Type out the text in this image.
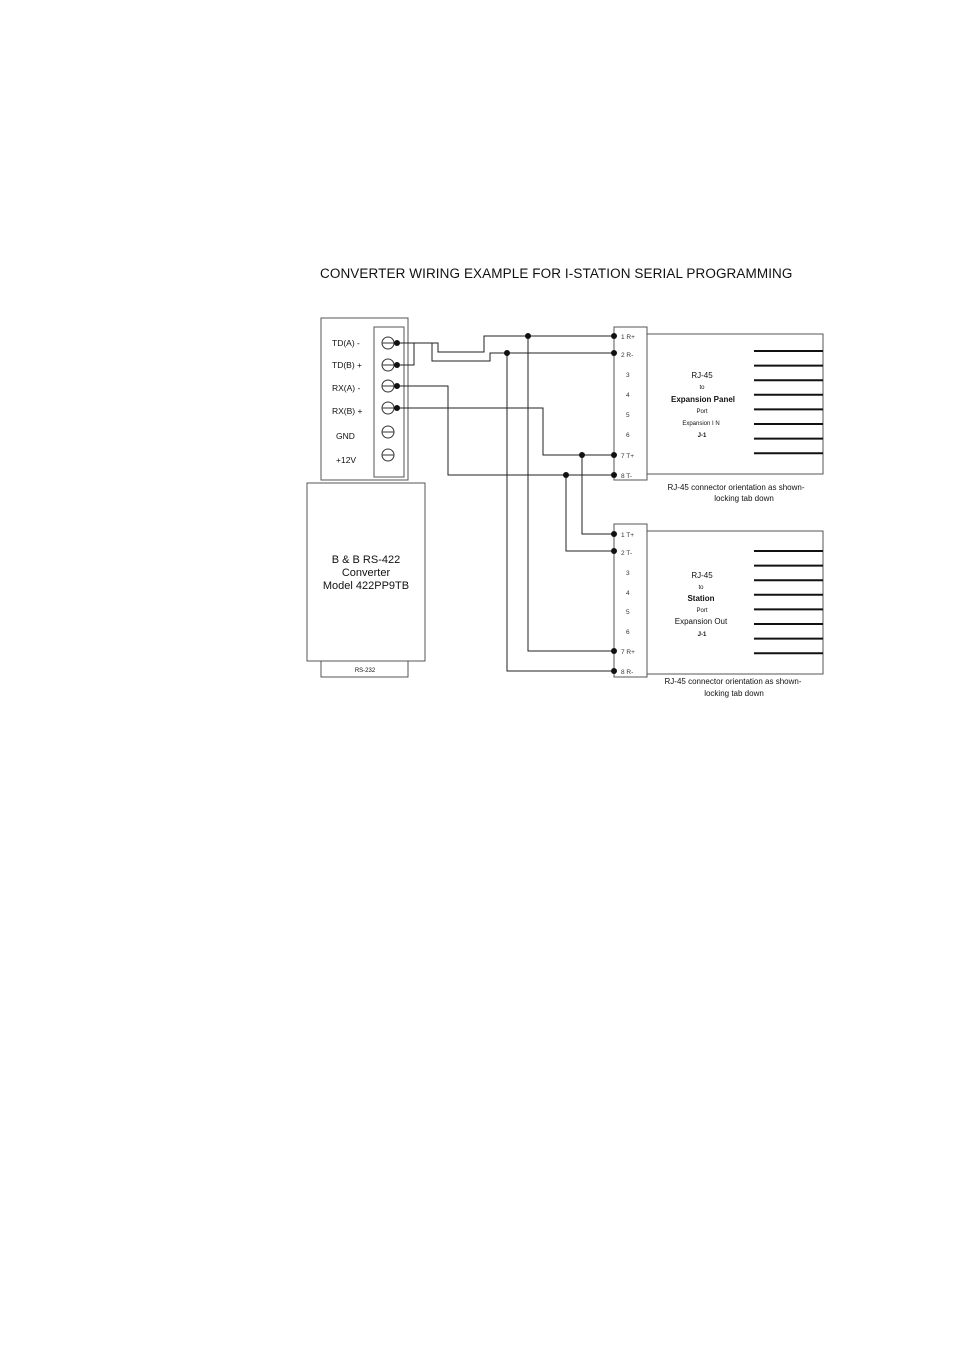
CONVERTER WIRING EXAMPLE FOR I-STATION SERIAL PROGRAMMING
TD(A) -
TD(B) +
RX(A) -
RX(B) +
GND
+12V
B & B RS-422
Converter
Model 422PP9TB
RS-232
1 R+
2 R-
3
4
5
6
7 T+
8 T-
1 T+
2 T-
3
4
5
6
7 R+
8 R-
RJ-45
to
Expansion Panel
Port
Expansion I N
J-1
RJ-45
to
Station
Port
Expansion Out
J-1
RJ-45 connector orientation as shown-
locking tab down
RJ-45 connector orientation as shown-
locking tab down
